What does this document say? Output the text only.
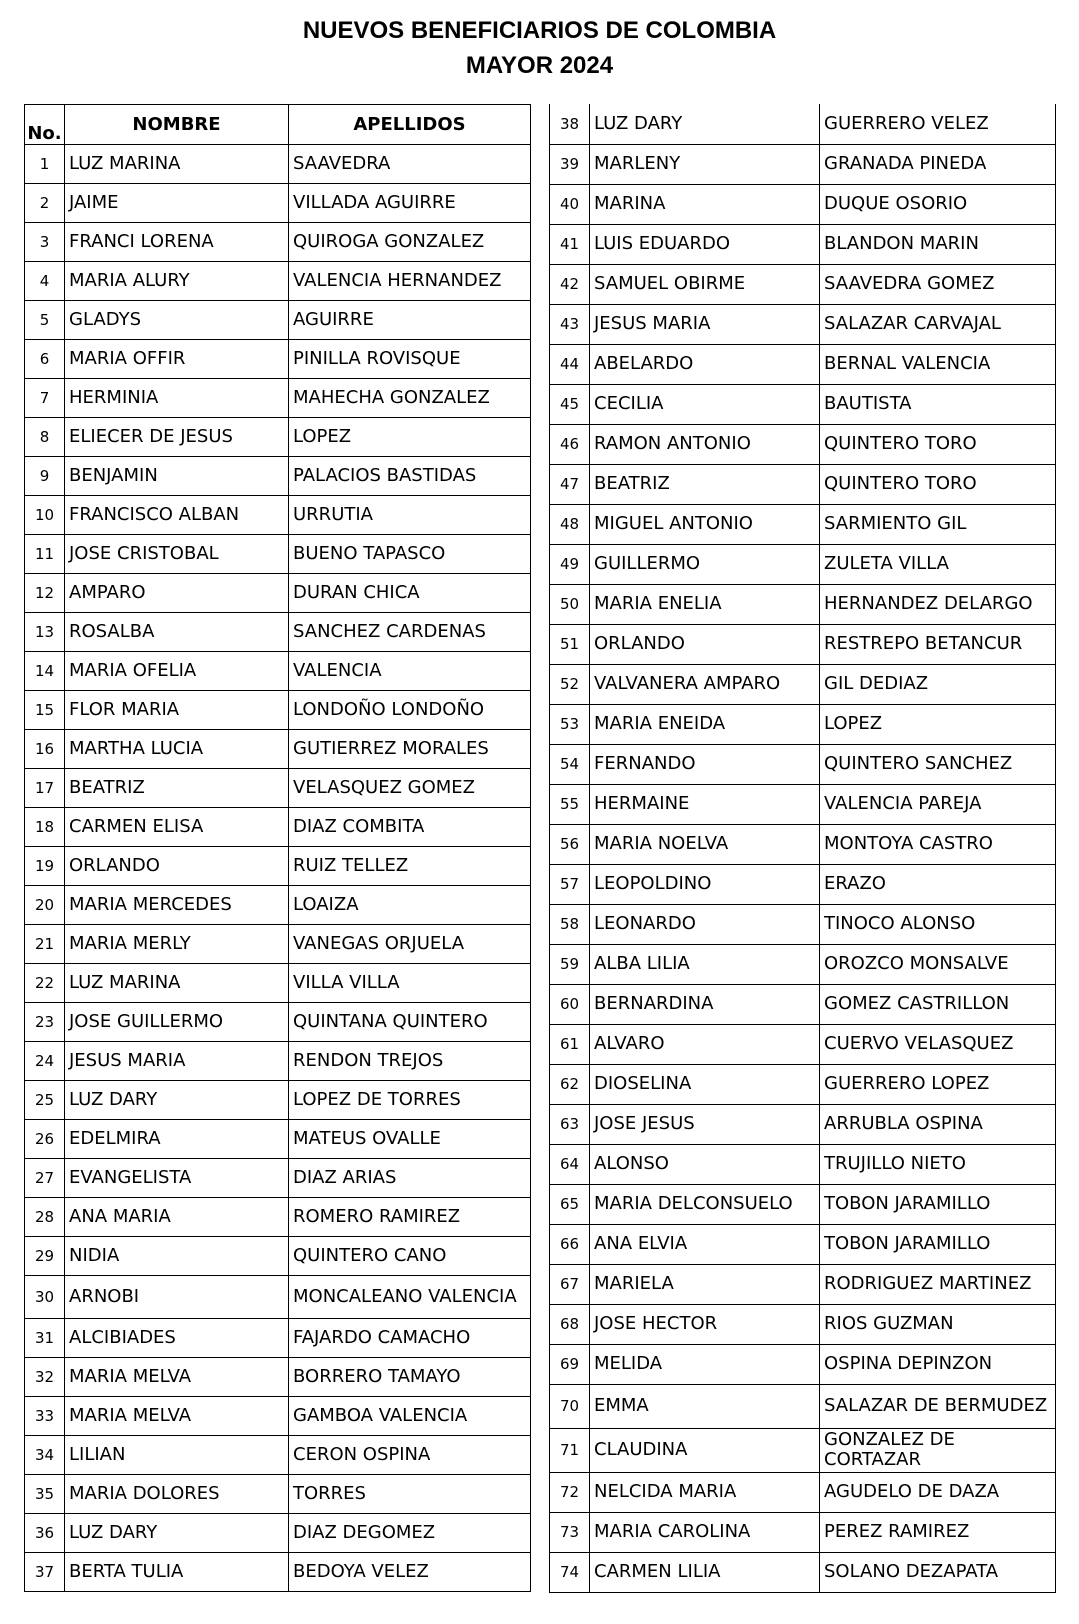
NUEVOS BENEFICIARIOS DE COLOMBIA
MAYOR 2024
No.	NOMBRE	APELLIDOS
1	LUZ MARINA	SAAVEDRA
2	JAIME	VILLADA AGUIRRE
3	FRANCI LORENA	QUIROGA GONZALEZ
4	MARIA ALURY	VALENCIA HERNANDEZ
5	GLADYS	AGUIRRE
6	MARIA OFFIR	PINILLA ROVISQUE
7	HERMINIA	MAHECHA GONZALEZ
8	ELIECER DE JESUS	LOPEZ
9	BENJAMIN	PALACIOS BASTIDAS
10	FRANCISCO ALBAN	URRUTIA
11	JOSE CRISTOBAL	BUENO TAPASCO
12	AMPARO	DURAN CHICA
13	ROSALBA	SANCHEZ CARDENAS
14	MARIA OFELIA	VALENCIA
15	FLOR MARIA	LONDOÑO LONDOÑO
16	MARTHA LUCIA	GUTIERREZ MORALES
17	BEATRIZ	VELASQUEZ GOMEZ
18	CARMEN ELISA	DIAZ COMBITA
19	ORLANDO	RUIZ TELLEZ
20	MARIA MERCEDES	LOAIZA
21	MARIA MERLY	VANEGAS ORJUELA
22	LUZ MARINA	VILLA VILLA
23	JOSE GUILLERMO	QUINTANA QUINTERO
24	JESUS MARIA	RENDON TREJOS
25	LUZ DARY	LOPEZ DE TORRES
26	EDELMIRA	MATEUS OVALLE
27	EVANGELISTA	DIAZ ARIAS
28	ANA MARIA	ROMERO RAMIREZ
29	NIDIA	QUINTERO CANO
30	ARNOBI	MONCALEANO VALENCIA
31	ALCIBIADES	FAJARDO CAMACHO
32	MARIA MELVA	BORRERO TAMAYO
33	MARIA MELVA	GAMBOA VALENCIA
34	LILIAN	CERON OSPINA
35	MARIA DOLORES	TORRES
36	LUZ DARY	DIAZ DEGOMEZ
37	BERTA TULIA	BEDOYA VELEZ
38	LUZ DARY	GUERRERO VELEZ
39	MARLENY	GRANADA PINEDA
40	MARINA	DUQUE OSORIO
41	LUIS EDUARDO	BLANDON MARIN
42	SAMUEL OBIRME	SAAVEDRA GOMEZ
43	JESUS MARIA	SALAZAR CARVAJAL
44	ABELARDO	BERNAL VALENCIA
45	CECILIA	BAUTISTA
46	RAMON ANTONIO	QUINTERO TORO
47	BEATRIZ	QUINTERO TORO
48	MIGUEL ANTONIO	SARMIENTO GIL
49	GUILLERMO	ZULETA VILLA
50	MARIA ENELIA	HERNANDEZ DELARGO
51	ORLANDO	RESTREPO BETANCUR
52	VALVANERA AMPARO	GIL DEDIAZ
53	MARIA ENEIDA	LOPEZ
54	FERNANDO	QUINTERO SANCHEZ
55	HERMAINE	VALENCIA PAREJA
56	MARIA NOELVA	MONTOYA CASTRO
57	LEOPOLDINO	ERAZO
58	LEONARDO	TINOCO ALONSO
59	ALBA LILIA	OROZCO MONSALVE
60	BERNARDINA	GOMEZ CASTRILLON
61	ALVARO	CUERVO VELASQUEZ
62	DIOSELINA	GUERRERO LOPEZ
63	JOSE JESUS	ARRUBLA OSPINA
64	ALONSO	TRUJILLO NIETO
65	MARIA DELCONSUELO	TOBON JARAMILLO
66	ANA ELVIA	TOBON JARAMILLO
67	MARIELA	RODRIGUEZ MARTINEZ
68	JOSE HECTOR	RIOS GUZMAN
69	MELIDA	OSPINA DEPINZON
70	EMMA	SALAZAR DE BERMUDEZ
71	CLAUDINA	GONZALEZ DE CORTAZAR
72	NELCIDA MARIA	AGUDELO DE DAZA
73	MARIA CAROLINA	PEREZ RAMIREZ
74	CARMEN LILIA	SOLANO DEZAPATA
